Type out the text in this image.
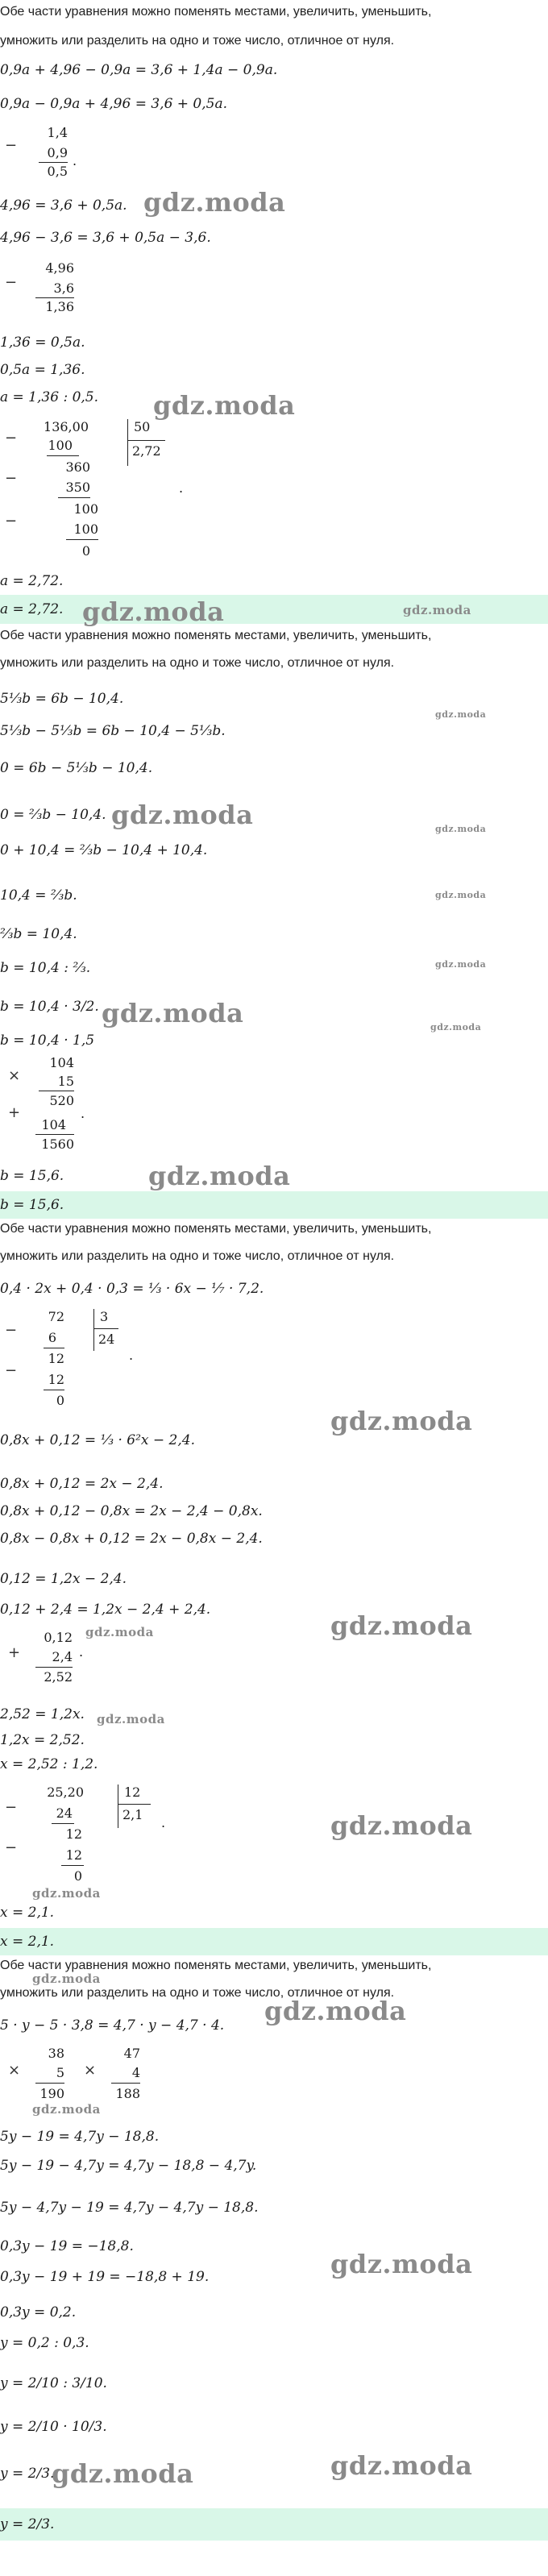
Обе части уравнения можно поменять местами, увеличить, уменьшить,
умножить или разделить на одно и тоже число, отличное от нуля.
0,9a + 4,96 − 0,9a = 3,6 + 1,4a − 0,9a.
0,9a − 0,9a + 4,96 = 3,6 + 0,5a.
−
1,4
0,9
0,5
.
4,96 = 3,6 + 0,5a.
4,96 − 3,6 = 3,6 + 0,5a − 3,6.
−
4,96
3,6
1,36
1,36 = 0,5a.
0,5a = 1,36.
a = 1,36 : 0,5.
−
136,00	50
2,72
100
360
−
350
100
−	100
0
.
a = 2,72.
a = 2,72.
Обе части уравнения можно поменять местами, увеличить, уменьшить,
умножить или разделить на одно и тоже число, отличное от нуля.
5⅓b = 6b − 10,4.
5⅓b − 5⅓b = 6b − 10,4 − 5⅓b.
0 = 6b − 5⅓b − 10,4.
0 = ⅔b − 10,4.
0 + 10,4 = ⅔b − 10,4 + 10,4.
10,4 = ⅔b.
⅔b = 10,4.
b = 10,4 : ⅔.
b = 10,4 · 3/2.
b = 10,4 · 1,5
×
104
15
+
520
104
1560
.
b = 15,6.
b = 15,6.
Обе части уравнения можно поменять местами, увеличить, уменьшить,
умножить или разделить на одно и тоже число, отличное от нуля.
0,4 · 2x + 0,4 · 0,3 = ⅓ · 6x − ⅐ · 7,2.
−
72	3
24
6
12
−
12
0
.
0,8x + 0,12 = ⅓ · 6²x − 2,4.
0,8x + 0,12 = 2x − 2,4.
0,8x + 0,12 − 0,8x = 2x − 2,4 − 0,8x.
0,8x − 0,8x + 0,12 = 2x − 0,8x − 2,4.
0,12 = 1,2x − 2,4.
0,12 + 2,4 = 1,2x − 2,4 + 2,4.
+
0,12
2,4
2,52
.
2,52 = 1,2x.
1,2x = 2,52.
x = 2,52 : 1,2.
−
25,20	12
2,1
24
12
−	12
0
.
x = 2,1.
x = 2,1.
Обе части уравнения можно поменять местами, увеличить, уменьшить,
умножить или разделить на одно и тоже число, отличное от нуля.
5 · y − 5 · 3,8 = 4,7 · y − 4,7 · 4.
×
38
5
190
×
47
4
188
5y − 19 = 4,7y − 18,8.
5y − 19 − 4,7y = 4,7y − 18,8 − 4,7y.
5y − 4,7y − 19 = 4,7y − 4,7y − 18,8.
0,3y − 19 = −18,8.
0,3y − 19 + 19 = −18,8 + 19.
0,3y = 0,2.
y = 0,2 : 0,3.
y = 2/10 : 3/10.
y = 2/10 · 10/3.
y = 2/3.
y = 2/3.
gdz.moda
gdz.moda
gdz.moda	gdz.moda
gdz.moda
gdz.moda	gdz.moda
gdz.moda
gdz.moda
gdz.moda	gdz.moda
gdz.moda
gdz.moda
gdz.moda
gdz.moda
gdz.moda
gdz.moda
gdz.moda
gdz.moda
gdz.moda
gdz.moda
gdz.moda
gdz.moda	gdz.moda
